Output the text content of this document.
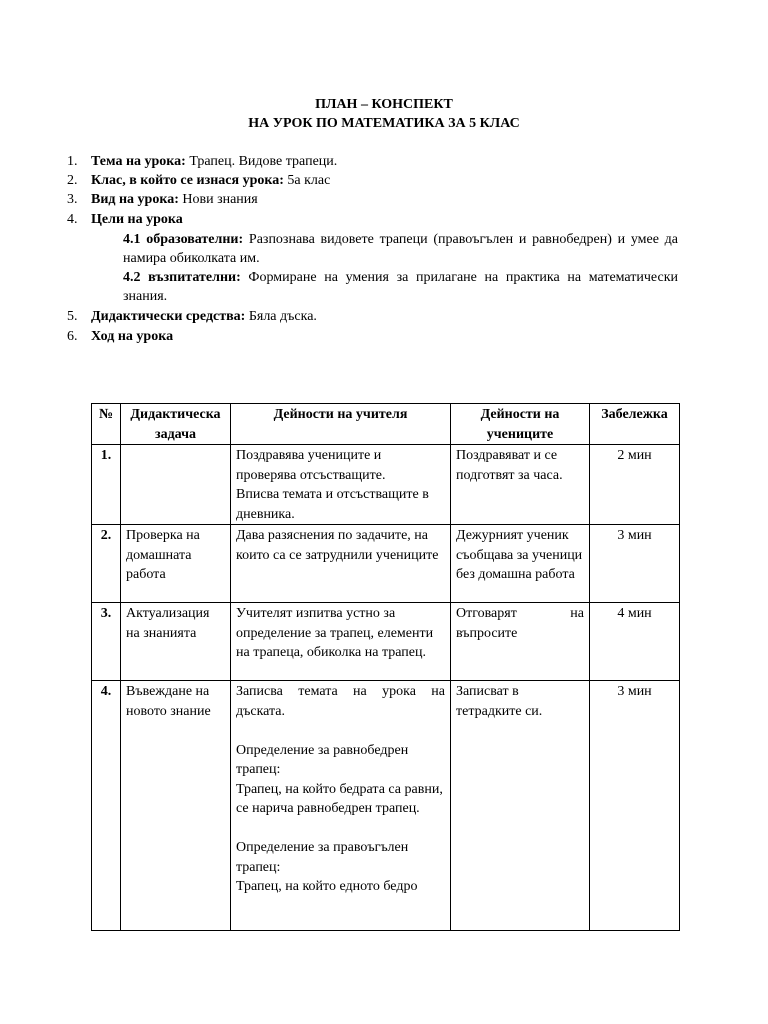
ПЛАН – КОНСПЕКТ
НА УРОК ПО МАТЕМАТИКА ЗА 5 КЛАС
1. Тема на урока: Трапец. Видове трапеци.
2. Клас, в който се изнася урока: 5а клас
3. Вид на урока: Нови знания
4. Цели на урока
4.1 образователни: Разпознава видовете трапеци (правоъгълен и равнобедрен) и умее да намира обиколката им.
4.2 възпитателни: Формиране на умения за прилагане на практика на математически знания.
5. Дидактически средства: Бяла дъска.
6. Ход на урока
№	Дидактическа задача	Дейности на учителя	Дейности на учениците	Забележка
1.		Поздравява учениците и проверява отсъстващите.
Вписва темата и отсъстващите в дневника.	Поздравяват и се подготвят за часа.	2 мин
2.	Проверка на домашната работа	Дава разяснения по задачите, на които са се затруднили учениците	Дежурният ученик съобщава за ученици без домашна работа	3 мин
3.	Актуализация на знанията	Учителят изпитва устно за определение за трапец, елементи на трапеца, обиколка на трапец.	Отговарят на въпросите	4 мин
4.	Въвеждане на новото знание	Записва темата на урока на дъската.
Определение за равнобедрен трапец:
Трапец, на който бедрата са равни, се нарича равнобедрен трапец.
Определение за правоъгълен трапец:
Трапец, на който едното бедро	Записват в тетрадките си.	3 мин
